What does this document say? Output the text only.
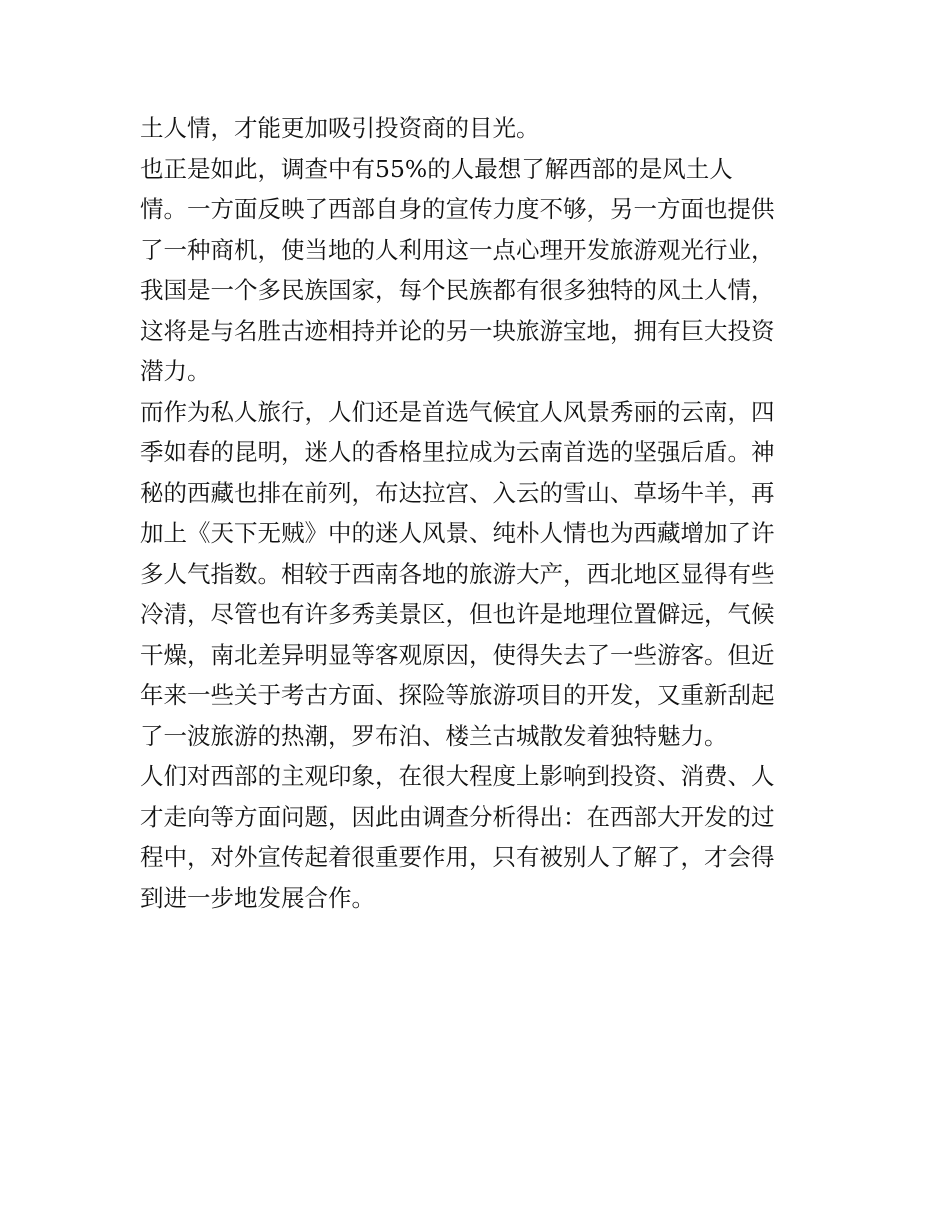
土人情，才能更加吸引投资商的目光。
也正是如此，调查中有55%的人最想了解西部的是风土人
情。一方面反映了西部自身的宣传力度不够，另一方面也提供
了一种商机，使当地的人利用这一点心理开发旅游观光行业，
我国是一个多民族国家，每个民族都有很多独特的风土人情，
这将是与名胜古迹相持并论的另一块旅游宝地，拥有巨大投资
潜力。
而作为私人旅行，人们还是首选气候宜人风景秀丽的云南，四
季如春的昆明，迷人的香格里拉成为云南首选的坚强后盾。神
秘的西藏也排在前列，布达拉宫、入云的雪山、草场牛羊，再
加上《天下无贼》中的迷人风景、纯朴人情也为西藏增加了许
多人气指数。相较于西南各地的旅游大产，西北地区显得有些
冷清，尽管也有许多秀美景区，但也许是地理位置僻远，气候
干燥，南北差异明显等客观原因，使得失去了一些游客。但近
年来一些关于考古方面、探险等旅游项目的开发，又重新刮起
了一波旅游的热潮，罗布泊、楼兰古城散发着独特魅力。
人们对西部的主观印象，在很大程度上影响到投资、消费、人
才走向等方面问题，因此由调查分析得出：在西部大开发的过
程中，对外宣传起着很重要作用，只有被别人了解了，才会得
到进一步地发展合作。
